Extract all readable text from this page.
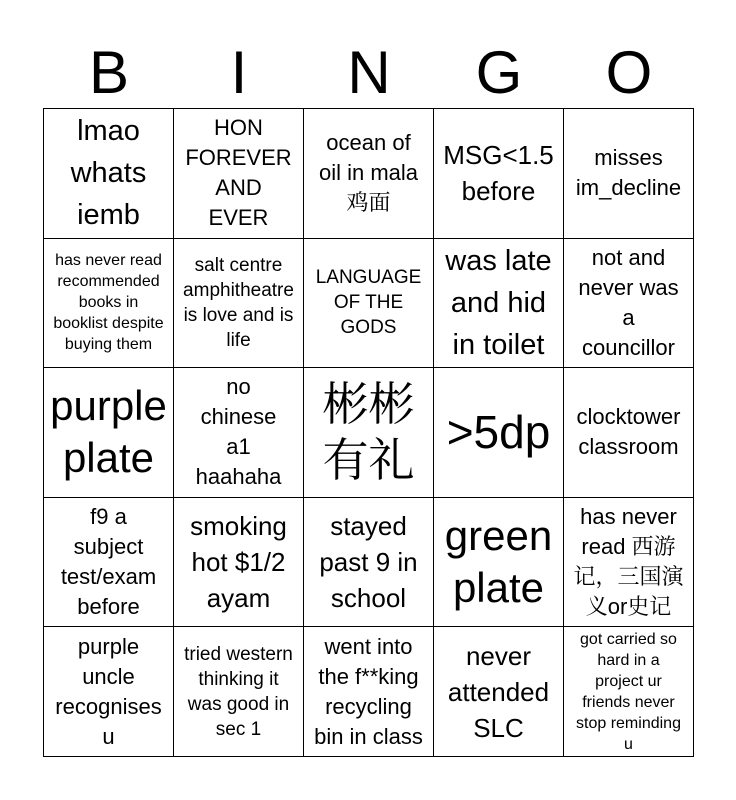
B	I	N	G	O
lmao
whats
iemb
HON
FOREVER
AND
EVER
ocean of
oil in mala
鸡面
MSG<1.5
before
misses
im_decline
has never read
recommended
books in
booklist despite
buying them
salt centre
amphitheatre
is love and is
life
LANGUAGE
OF THE
GODS
was late
and hid
in toilet
not and
never was
a
councillor
purple
plate
no
chinese
a1
haahaha
彬彬
有礼
>5dp clocktower
classroom
f9 a
subject
test/exam
before
smoking
hot $1/2
ayam
stayed
past 9 in
school
green
plate
has never
read 西游
记，三国演
义or史记
purple
uncle
recognises
u
tried western
thinking it
was good in
sec 1
went into
the f**king
recycling
bin in class
never
attended
SLC
got carried so
hard in a
project ur
friends never
stop reminding
u
